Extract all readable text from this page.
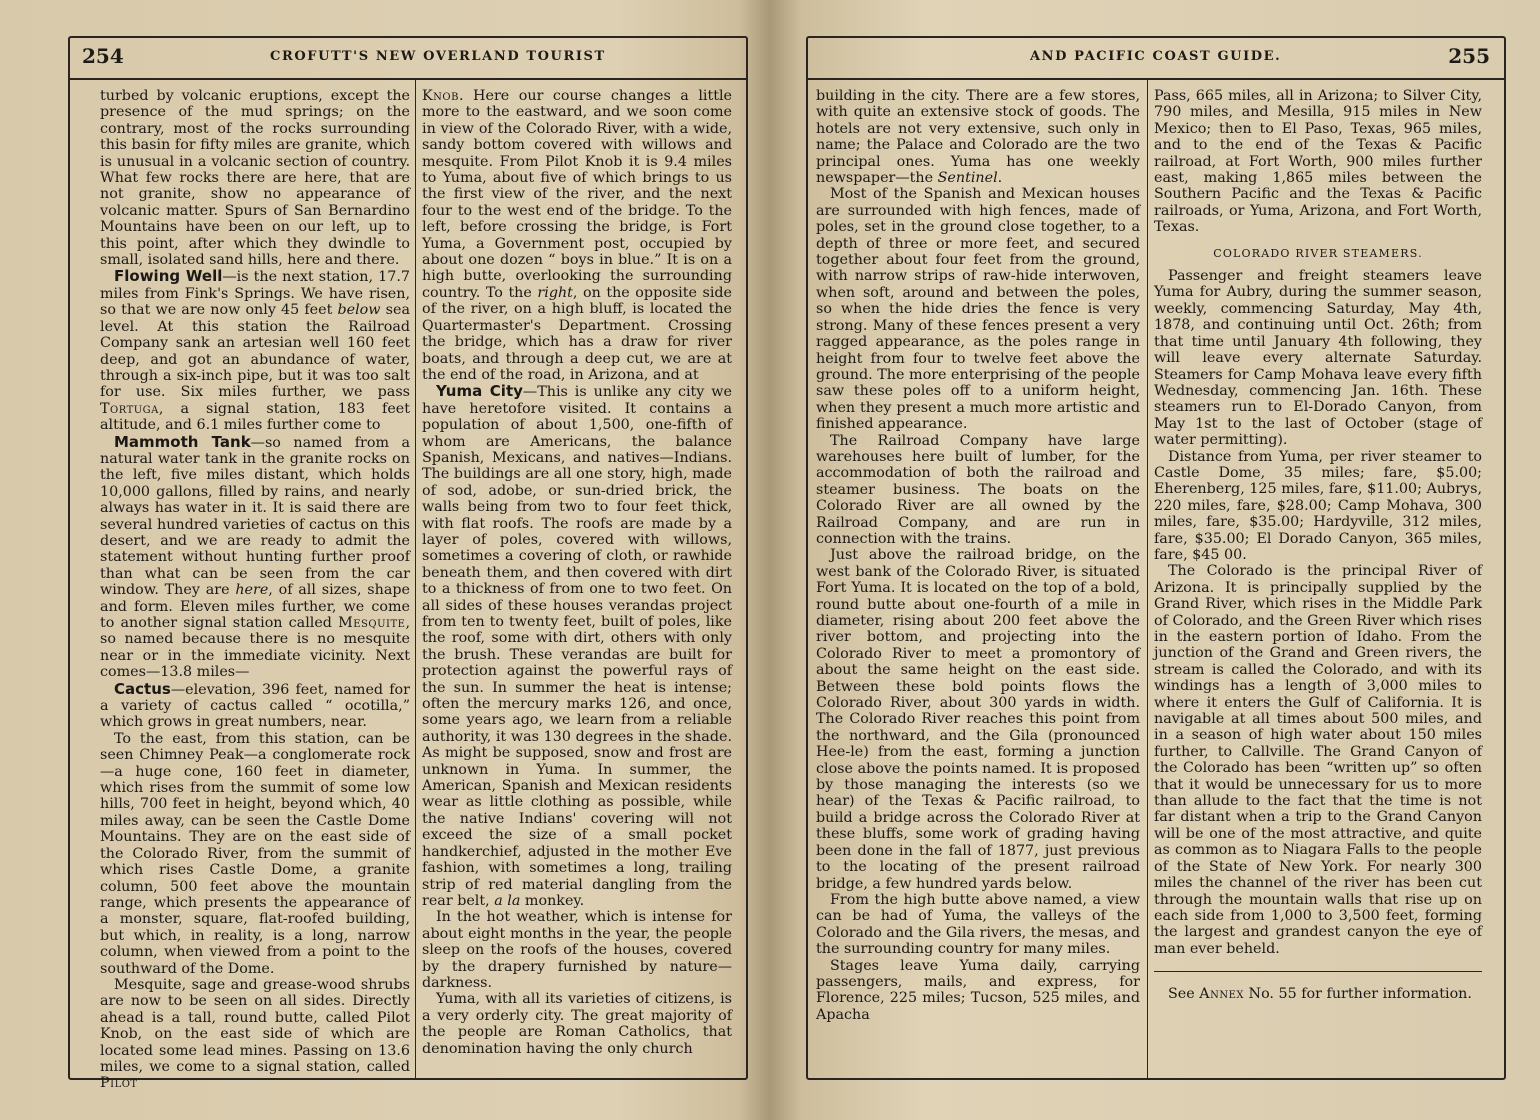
254	CROFUTT'S NEW OVERLAND TOURIST

turbed by volcanic eruptions, except the presence of the mud springs; on the contrary, most of the rocks surrounding this basin for fifty miles are granite, which is unusual in a volcanic section of country. What few rocks there are here, that are not granite, show no appearance of volcanic matter. Spurs of San Bernardino Mountains have been on our left, up to this point, after which they dwindle to small, isolated sand hills, here and there.

Flowing Well—is the next station, 17.7 miles from Fink's Springs. We have risen, so that we are now only 45 feet below sea level. At this station the Railroad Company sank an artesian well 160 feet deep, and got an abundance of water, through a six-inch pipe, but it was too salt for use. Six miles further, we pass Tortuga, a signal station, 183 feet altitude, and 6.1 miles further come to

Mammoth Tank—so named from a natural water tank in the granite rocks on the left, five miles distant, which holds 10,000 gallons, filled by rains, and nearly always has water in it. It is said there are several hundred varieties of cactus on this desert, and we are ready to admit the statement without hunting further proof than what can be seen from the car window. They are here, of all sizes, shape and form. Eleven miles further, we come to another signal station called Mesquite, so named because there is no mesquite near or in the immediate vicinity. Next comes—13.8 miles—

Cactus—elevation, 396 feet, named for a variety of cactus called “ ocotilla,” which grows in great numbers, near.

To the east, from this station, can be seen Chimney Peak—a conglomerate rock—a huge cone, 160 feet in diameter, which rises from the summit of some low hills, 700 feet in height, beyond which, 40 miles away, can be seen the Castle Dome Mountains. They are on the east side of the Colorado River, from the summit of which rises Castle Dome, a granite column, 500 feet above the mountain range, which presents the appearance of a monster, square, flat-roofed building, but which, in reality, is a long, narrow column, when viewed from a point to the southward of the Dome.

Mesquite, sage and grease-wood shrubs are now to be seen on all sides. Directly ahead is a tall, round butte, called Pilot Knob, on the east side of which are located some lead mines. Passing on 13.6 miles, we come to a signal station, called Pilot

Knob. Here our course changes a little more to the eastward, and we soon come in view of the Colorado River, with a wide, sandy bottom covered with willows and mesquite. From Pilot Knob it is 9.4 miles to Yuma, about five of which brings to us the first view of the river, and the next four to the west end of the bridge. To the left, before crossing the bridge, is Fort Yuma, a Government post, occupied by about one dozen “ boys in blue.” It is on a high butte, overlooking the surrounding country. To the right, on the opposite side of the river, on a high bluff, is located the Quartermaster's Department. Crossing the bridge, which has a draw for river boats, and through a deep cut, we are at the end of the road, in Arizona, and at

Yuma City—This is unlike any city we have heretofore visited. It contains a population of about 1,500, one-fifth of whom are Americans, the balance Spanish, Mexicans, and natives—Indians. The buildings are all one story, high, made of sod, adobe, or sun-dried brick, the walls being from two to four feet thick, with flat roofs. The roofs are made by a layer of poles, covered with willows, sometimes a covering of cloth, or rawhide beneath them, and then covered with dirt to a thickness of from one to two feet. On all sides of these houses verandas project from ten to twenty feet, built of poles, like the roof, some with dirt, others with only the brush. These verandas are built for protection against the powerful rays of the sun. In summer the heat is intense; often the mercury marks 126, and once, some years ago, we learn from a reliable authority, it was 130 degrees in the shade. As might be supposed, snow and frost are unknown in Yuma. In summer, the American, Spanish and Mexican residents wear as little clothing as possible, while the native Indians' covering will not exceed the size of a small pocket handkerchief, adjusted in the mother Eve fashion, with sometimes a long, trailing strip of red material dangling from the rear belt, a la monkey.

In the hot weather, which is intense for about eight months in the year, the people sleep on the roofs of the houses, covered by the drapery furnished by nature—darkness.

Yuma, with all its varieties of citizens, is a very orderly city. The great majority of the people are Roman Catholics, that denomination having the only church

AND PACIFIC COAST GUIDE.	255

building in the city. There are a few stores, with quite an extensive stock of goods. The hotels are not very extensive, such only in name; the Palace and Colorado are the two principal ones. Yuma has one weekly newspaper—the Sentinel.

Most of the Spanish and Mexican houses are surrounded with high fences, made of poles, set in the ground close together, to a depth of three or more feet, and secured together about four feet from the ground, with narrow strips of raw-hide interwoven, when soft, around and between the poles, so when the hide dries the fence is very strong. Many of these fences present a very ragged appearance, as the poles range in height from four to twelve feet above the ground. The more enterprising of the people saw these poles off to a uniform height, when they present a much more artistic and finished appearance.

The Railroad Company have large warehouses here built of lumber, for the accommodation of both the railroad and steamer business. The boats on the Colorado River are all owned by the Railroad Company, and are run in connection with the trains.

Just above the railroad bridge, on the west bank of the Colorado River, is situated Fort Yuma. It is located on the top of a bold, round butte about one-fourth of a mile in diameter, rising about 200 feet above the river bottom, and projecting into the Colorado River to meet a promontory of about the same height on the east side. Between these bold points flows the Colorado River, about 300 yards in width. The Colorado River reaches this point from the northward, and the Gila (pronounced Hee-le) from the east, forming a junction close above the points named. It is proposed by those managing the interests (so we hear) of the Texas & Pacific railroad, to build a bridge across the Colorado River at these bluffs, some work of grading having been done in the fall of 1877, just previous to the locating of the present railroad bridge, a few hundred yards below.

From the high butte above named, a view can be had of Yuma, the valleys of the Colorado and the Gila rivers, the mesas, and the surrounding country for many miles.

Stages leave Yuma daily, carrying passengers, mails, and express, for Florence, 225 miles; Tucson, 525 miles, and Apacha

Pass, 665 miles, all in Arizona; to Silver City, 790 miles, and Mesilla, 915 miles in New Mexico; then to El Paso, Texas, 965 miles, and to the end of the Texas & Pacific railroad, at Fort Worth, 900 miles further east, making 1,865 miles between the Southern Pacific and the Texas & Pacific railroads, or Yuma, Arizona, and Fort Worth, Texas.

COLORADO RIVER STEAMERS.

Passenger and freight steamers leave Yuma for Aubry, during the summer season, weekly, commencing Saturday, May 4th, 1878, and continuing until Oct. 26th; from that time until January 4th following, they will leave every alternate Saturday. Steamers for Camp Mohava leave every fifth Wednesday, commencing Jan. 16th. These steamers run to El-Dorado Canyon, from May 1st to the last of October (stage of water permitting).

Distance from Yuma, per river steamer to Castle Dome, 35 miles; fare, $5.00; Eherenberg, 125 miles, fare, $11.00; Aubrys, 220 miles, fare, $28.00; Camp Mohava, 300 miles, fare, $35.00; Hardyville, 312 miles, fare, $35.00; El Dorado Canyon, 365 miles, fare, $45 00.

The Colorado is the principal River of Arizona. It is principally supplied by the Grand River, which rises in the Middle Park of Colorado, and the Green River which rises in the eastern portion of Idaho. From the junction of the Grand and Green rivers, the stream is called the Colorado, and with its windings has a length of 3,000 miles to where it enters the Gulf of California. It is navigable at all times about 500 miles, and in a season of high water about 150 miles further, to Callville. The Grand Canyon of the Colorado has been “written up” so often that it would be unnecessary for us to more than allude to the fact that the time is not far distant when a trip to the Grand Canyon will be one of the most attractive, and quite as common as to Niagara Falls to the people of the State of New York. For nearly 300 miles the channel of the river has been cut through the mountain walls that rise up on each side from 1,000 to 3,500 feet, forming the largest and grandest canyon the eye of man ever beheld.

See Annex No. 55 for further information.
